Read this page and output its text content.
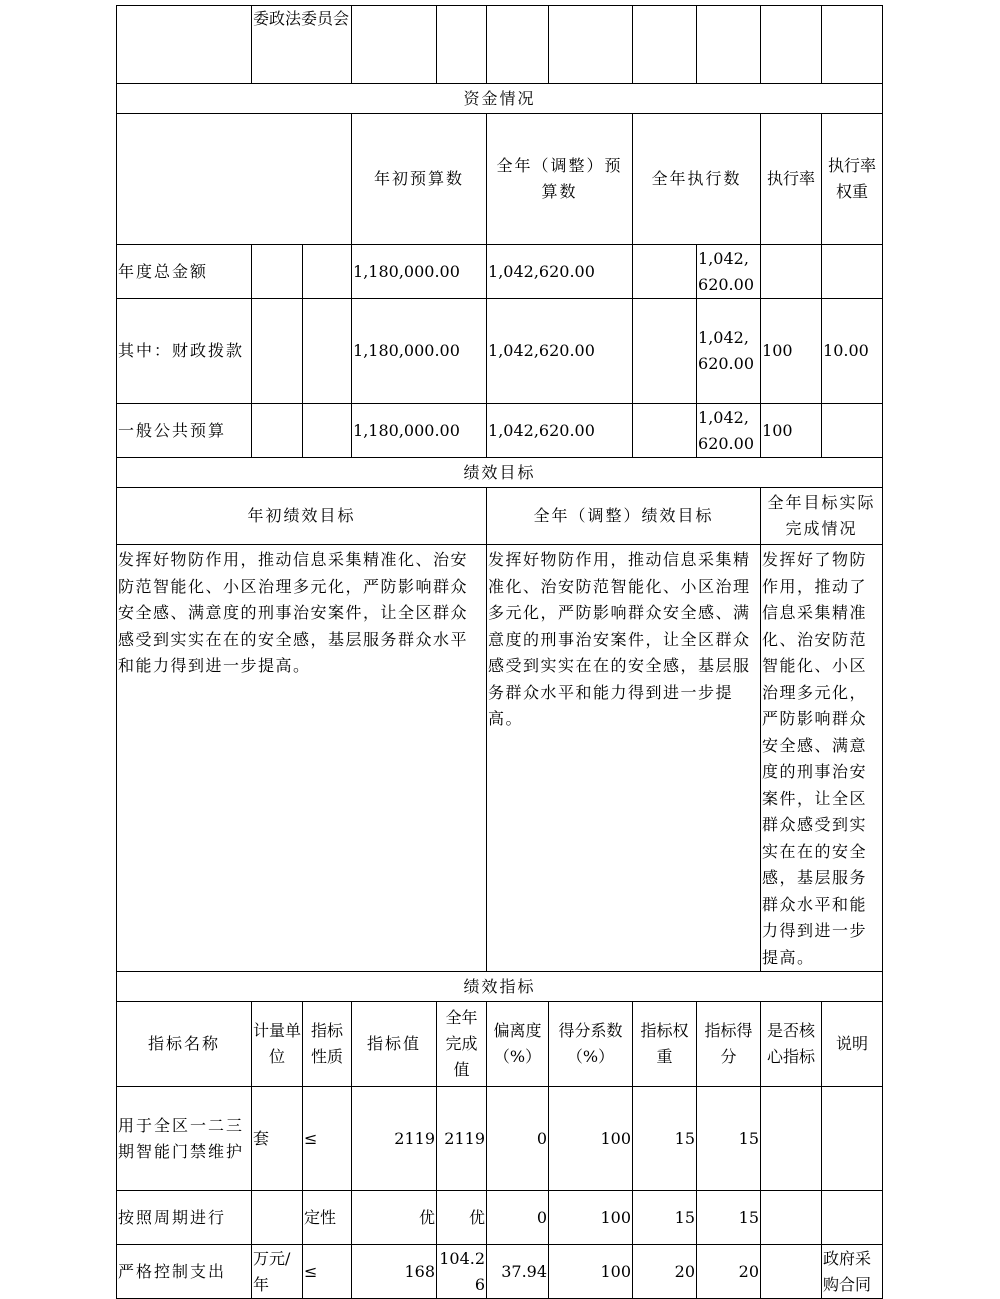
	委政法委员会										
资金情况											
			年初预算数		全年（调整）预算数		全年执行数		执行率	执行率权重	
年度总金额			1,180,000.00		1,042,620.00			1,042,620.00			
其中：财政拨款			1,180,000.00		1,042,620.00			1,042,620.00	100	10.00	
一般公共预算			1,180,000.00		1,042,620.00			1,042,620.00	100		
绩效目标											
年初绩效目标					全年（调整）绩效目标				全年目标实际完成情况		
发挥好物防作用，推动信息采集精准化、治安防范智能化、小区治理多元化，严防影响群众安全感、满意度的刑事治安案件，让全区群众感受到实实在在的安全感，基层服务群众水平和能力得到进一步提高。					发挥好物防作用，推动信息采集精准化、治安防范智能化、小区治理多元化，严防影响群众安全感、满意度的刑事治安案件，让全区群众感受到实实在在的安全感，基层服务群众水平和能力得到进一步提高。				发挥好了物防作用，推动了信息采集精准化、治安防范智能化、小区治理多元化，严防影响群众安全感、满意度的刑事治安案件，让全区群众感受到实实在在的安全感，基层服务群众水平和能力得到进一步提高。		
绩效指标											
指标名称	计量单位	指标性质	指标值	全年完成值	偏离度（%）	得分系数（%）	指标权重	指标得分	是否核心指标	说明	
用于全区一二三期智能门禁维护	套	≤	2119	2119	0	100	15	15			
按照周期进行		定性	优	优	0	100	15	15			
严格控制支出	万元/年	≤	168	104.26	37.94	100	20	20		政府采购合同	
